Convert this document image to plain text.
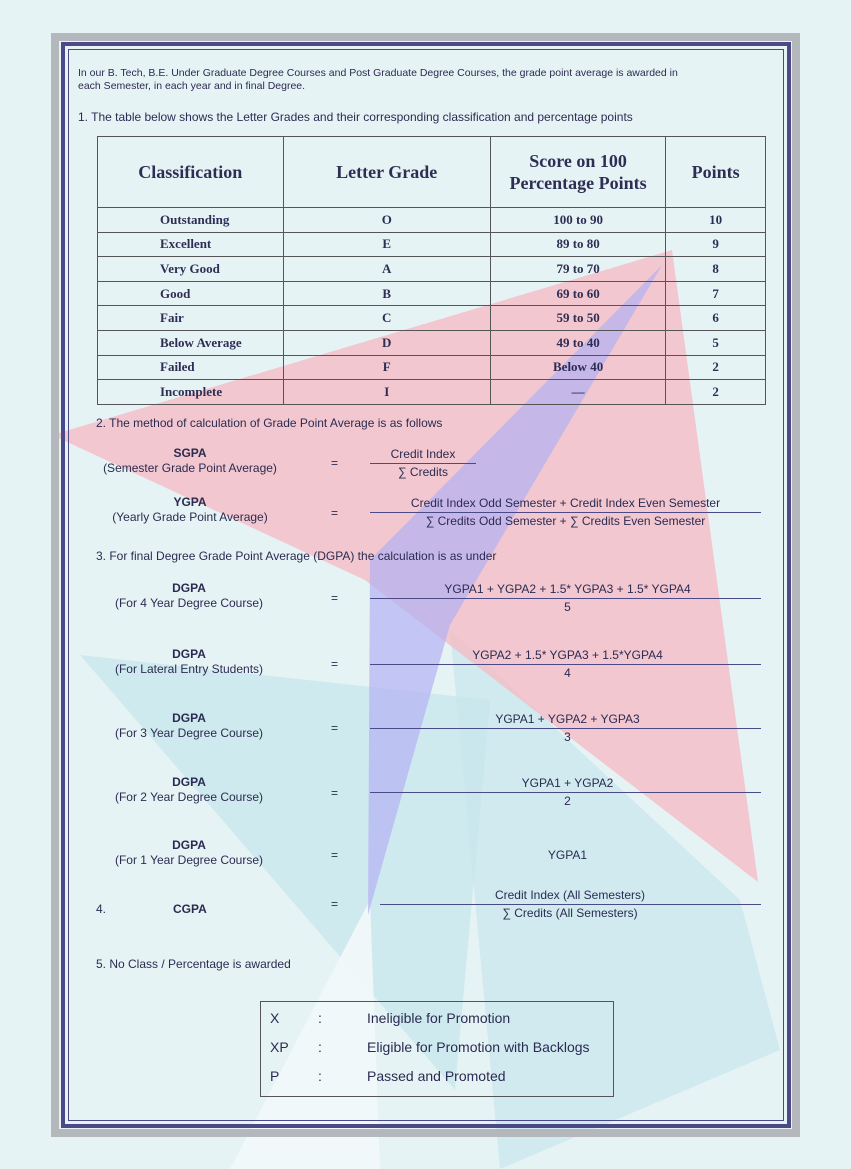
In our B. Tech, B.E. Under Graduate Degree Courses and Post Graduate Degree Courses, the grade point average is awarded in each Semester, in each year and in final Degree.
1. The table below shows the Letter Grades and their corresponding classification and percentage points
Classification	Letter Grade	Score on 100 Percentage Points	Points
Outstanding	O	100 to 90	10
Excellent	E	89 to 80	9
Very Good	A	79 to 70	8
Good	B	69 to 60	7
Fair	C	59 to 50	6
Below Average	D	49 to 40	5
Failed	F	Below 40	2
Incomplete	I	—	2
2. The method of calculation of Grade Point Average is as follows
SGPA
(Semester Grade Point Average)	=
Credit Index
∑ Credits
YGPA
(Yearly Grade Point Average)	=
Credit Index Odd Semester + Credit Index Even Semester
∑ Credits Odd Semester + ∑ Credits Even Semester
3. For final Degree Grade Point Average (DGPA) the calculation is as under
DGPA
(For 4 Year Degree Course)	=
YGPA1 + YGPA2 + 1.5* YGPA3 + 1.5* YGPA4
5
DGPA
(For Lateral Entry Students)	=
YGPA2 + 1.5* YGPA3 + 1.5*YGPA4
4
DGPA
(For 3 Year Degree Course)	=
YGPA1 + YGPA2 + YGPA3
3
DGPA
(For 2 Year Degree Course)	=
YGPA1 + YGPA2
2
DGPA
(For 1 Year Degree Course)	=	YGPA1
4.	CGPA	=
Credit Index (All Semesters)
∑ Credits (All Semesters)
5. No Class / Percentage is awarded
X	:	Ineligible for Promotion
XP :	Eligible for Promotion with Backlogs
P	:	Passed and Promoted
